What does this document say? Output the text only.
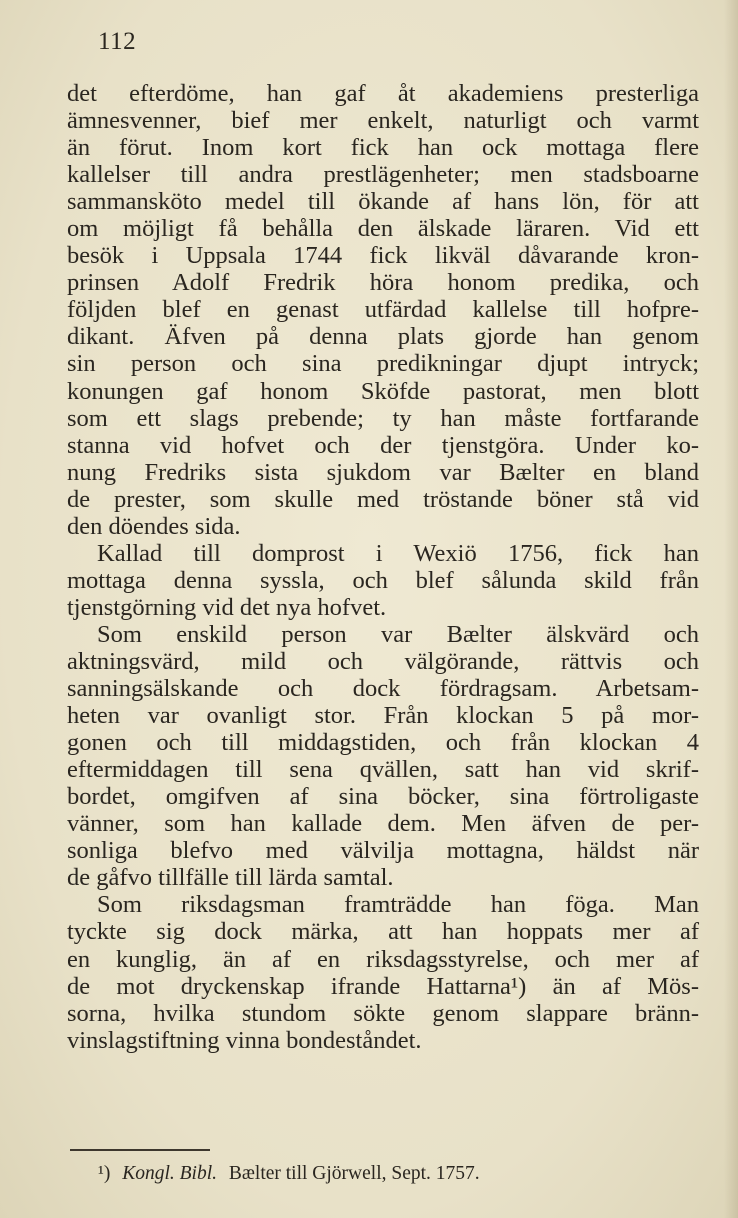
112
det efterdöme, han gaf åt akademiens presterliga
ämnesvenner, bief mer enkelt, naturligt och varmt
än förut. Inom kort fick han ock mottaga flere
kallelser till andra prestlägenheter; men stadsboarne
sammansköto medel till ökande af hans lön, för att
om möjligt få behålla den älskade läraren. Vid ett
besök i Uppsala 1744 fick likväl dåvarande kron-
prinsen Adolf Fredrik höra honom predika, och
följden blef en genast utfärdad kallelse till hofpre-
dikant. Äfven på denna plats gjorde han genom
sin person och sina predikningar djupt intryck;
konungen gaf honom Sköfde pastorat, men blott
som ett slags prebende; ty han måste fortfarande
stanna vid hofvet och der tjenstgöra. Under ko-
nung Fredriks sista sjukdom var Bælter en bland
de prester, som skulle med tröstande böner stå vid
den döendes sida.
Kallad till domprost i Wexiö 1756, fick han
mottaga denna syssla, och blef sålunda skild från
tjenstgörning vid det nya hofvet.
Som enskild person var Bælter älskvärd och
aktningsvärd, mild och välgörande, rättvis och
sanningsälskande och dock fördragsam. Arbetsam-
heten var ovanligt stor. Från klockan 5 på mor-
gonen och till middagstiden, och från klockan 4
eftermiddagen till sena qvällen, satt han vid skrif-
bordet, omgifven af sina böcker, sina förtroligaste
vänner, som han kallade dem. Men äfven de per-
sonliga blefvo med välvilja mottagna, häldst när
de gåfvo tillfälle till lärda samtal.
Som riksdagsman framträdde han föga. Man
tyckte sig dock märka, att han hoppats mer af
en kunglig, än af en riksdagsstyrelse, och mer af
de mot dryckenskap ifrande Hattarna¹) än af Mös-
sorna, hvilka stundom sökte genom slappare bränn-
vinslagstiftning vinna bondeståndet.
¹) Kongl. Bibl. Bælter till Gjörwell, Sept. 1757.
